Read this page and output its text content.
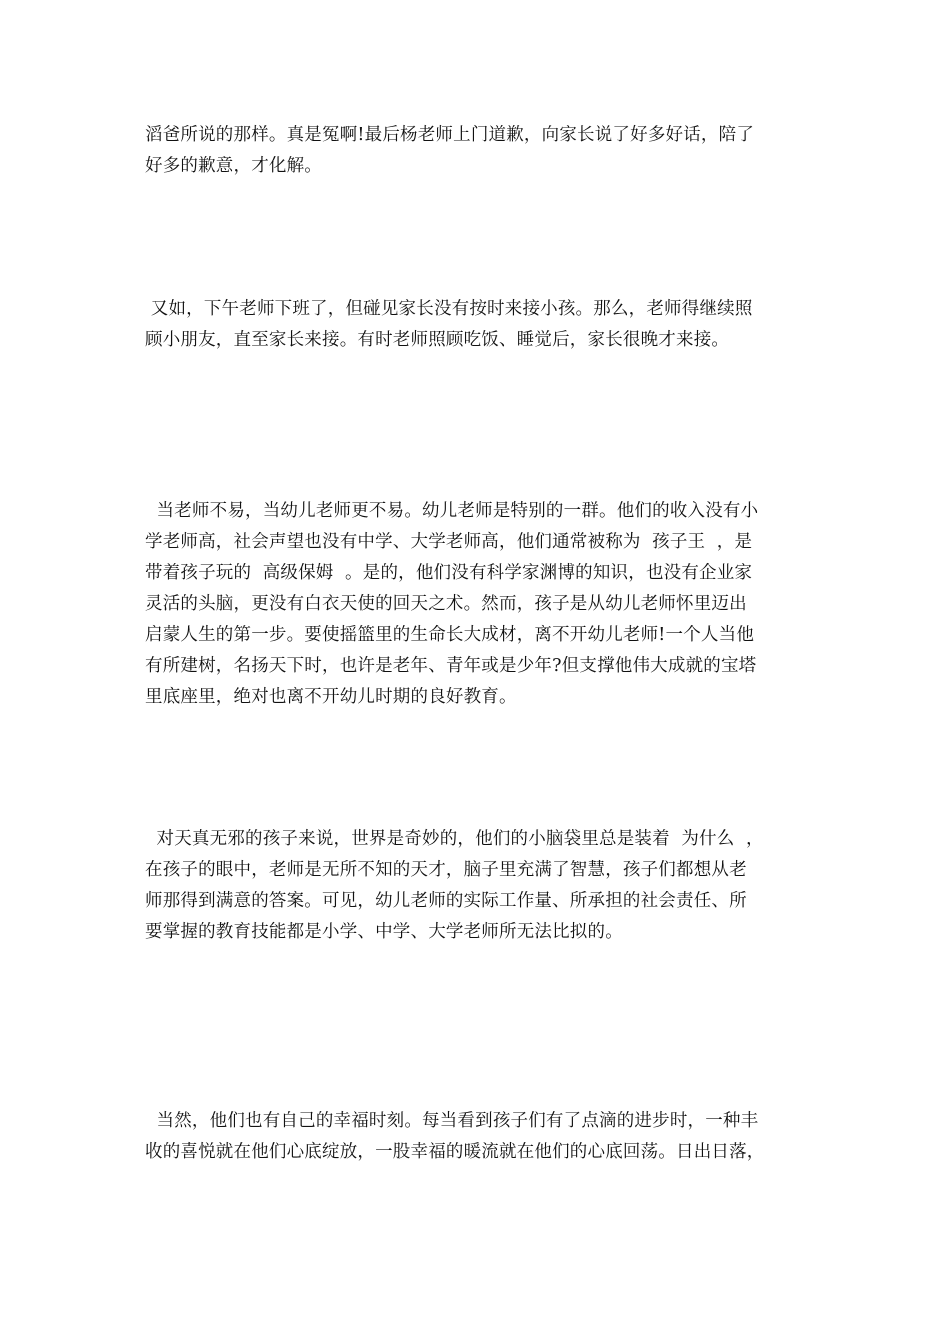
滔爸所说的那样。真是冤啊!最后杨老师上门道歉，向家长说了好多好话，陪了
好多的歉意，才化解。

又如，下午老师下班了，但碰见家长没有按时来接小孩。那么，老师得继续照
顾小朋友，直至家长来接。有时老师照顾吃饭、睡觉后，家长很晚才来接。

当老师不易，当幼儿老师更不易。幼儿老师是特别的一群。他们的收入没有小
学老师高，社会声望也没有中学、大学老师高，他们通常被称为  孩子王  ，是
带着孩子玩的  高级保姆  。是的，他们没有科学家渊博的知识，也没有企业家
灵活的头脑，更没有白衣天使的回天之术。然而，孩子是从幼儿老师怀里迈出
启蒙人生的第一步。要使摇篮里的生命长大成材，离不开幼儿老师!一个人当他
有所建树，名扬天下时，也许是老年、青年或是少年?但支撑他伟大成就的宝塔
里底座里，绝对也离不开幼儿时期的良好教育。

对天真无邪的孩子来说，世界是奇妙的，他们的小脑袋里总是装着  为什么  ，
在孩子的眼中，老师是无所不知的天才，脑子里充满了智慧，孩子们都想从老
师那得到满意的答案。可见，幼儿老师的实际工作量、所承担的社会责任、所
要掌握的教育技能都是小学、中学、大学老师所无法比拟的。

当然，他们也有自己的幸福时刻。每当看到孩子们有了点滴的进步时，一种丰
收的喜悦就在他们心底绽放，一股幸福的暖流就在他们的心底回荡。日出日落，
